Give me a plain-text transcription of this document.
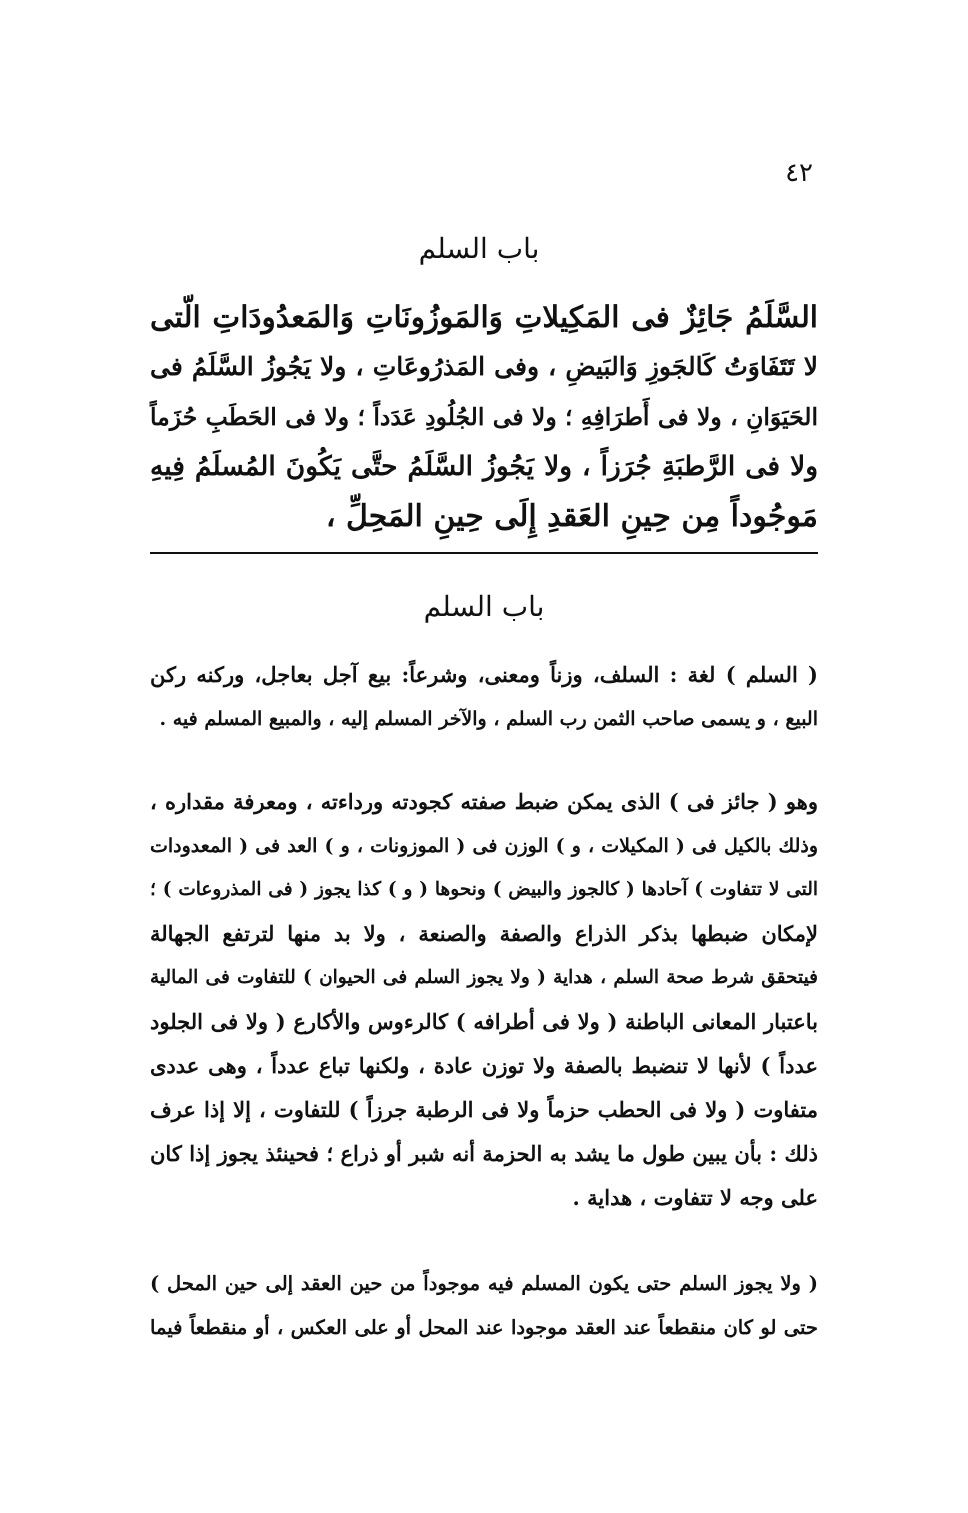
٤٢
باب السلم
السَّلَمُ جَائِزٌ فى المَكِيلاتِ وَالمَوزُونَاتِ وَالمَعدُودَاتِ الّتى
لا تَتَفَاوَتُ كَالجَوزِ وَالبَيضِ ، وفى المَذرُوعَاتِ ، ولا يَجُوزُ السَّلَمُ فى
الحَيَوَانِ ، ولا فى أَطرَافِهِ ؛ ولا فى الجُلُودِ عَدَداً ؛ ولا فى الحَطَبِ حُزَماً
ولا فى الرَّطبَةِ جُرَزاً ، ولا يَجُوزُ السَّلَمُ حتَّى يَكُونَ المُسلَمُ فِيهِ
مَوجُوداً مِن حِينِ العَقدِ إِلَى حِينِ المَحِلِّ ،
باب السلم
( السلم ) لغة : السلف، وزناً ومعنى، وشرعاً: بيع آجل بعاجل، وركنه ركن
البيع ، و يسمى صاحب الثمن رب السلم ، والآخر المسلم إليه ، والمبيع المسلم فيه .
وهو ( جائز فى ) الذى يمكن ضبط صفته كجودته ورداءته ، ومعرفة مقداره ،
وذلك بالكيل فى ( المكيلات ، و ) الوزن فى ( الموزونات ، و ) العد فى ( المعدودات
التى لا تتفاوت ) آحادها ( كالجوز والبيض ) ونحوها ( و ) كذا يجوز ( فى المذروعات ) ؛
لإمكان ضبطها بذكر الذراع والصفة والصنعة ، ولا بد منها لترتفع الجهالة
فيتحقق شرط صحة السلم ، هداية ( ولا يجوز السلم فى الحيوان ) للتفاوت فى المالية
باعتبار المعانى الباطنة ( ولا فى أطرافه ) كالرءوس والأكارع ( ولا فى الجلود
عدداً ) لأنها لا تنضبط بالصفة ولا توزن عادة ، ولكنها تباع عدداً ، وهى عددى
متفاوت ( ولا فى الحطب حزماً ولا فى الرطبة جرزاً ) للتفاوت ، إلا إذا عرف
ذلك : بأن يبين طول ما يشد به الحزمة أنه شبر أو ذراع ؛ فحينئذ يجوز إذا كان
على وجه لا تتفاوت ، هداية .
( ولا يجوز السلم حتى يكون المسلم فيه موجوداً من حين العقد إلى حين المحل )
حتى لو كان منقطعاً عند العقد موجودا عند المحل أو على العكس ، أو منقطعاً فيما
